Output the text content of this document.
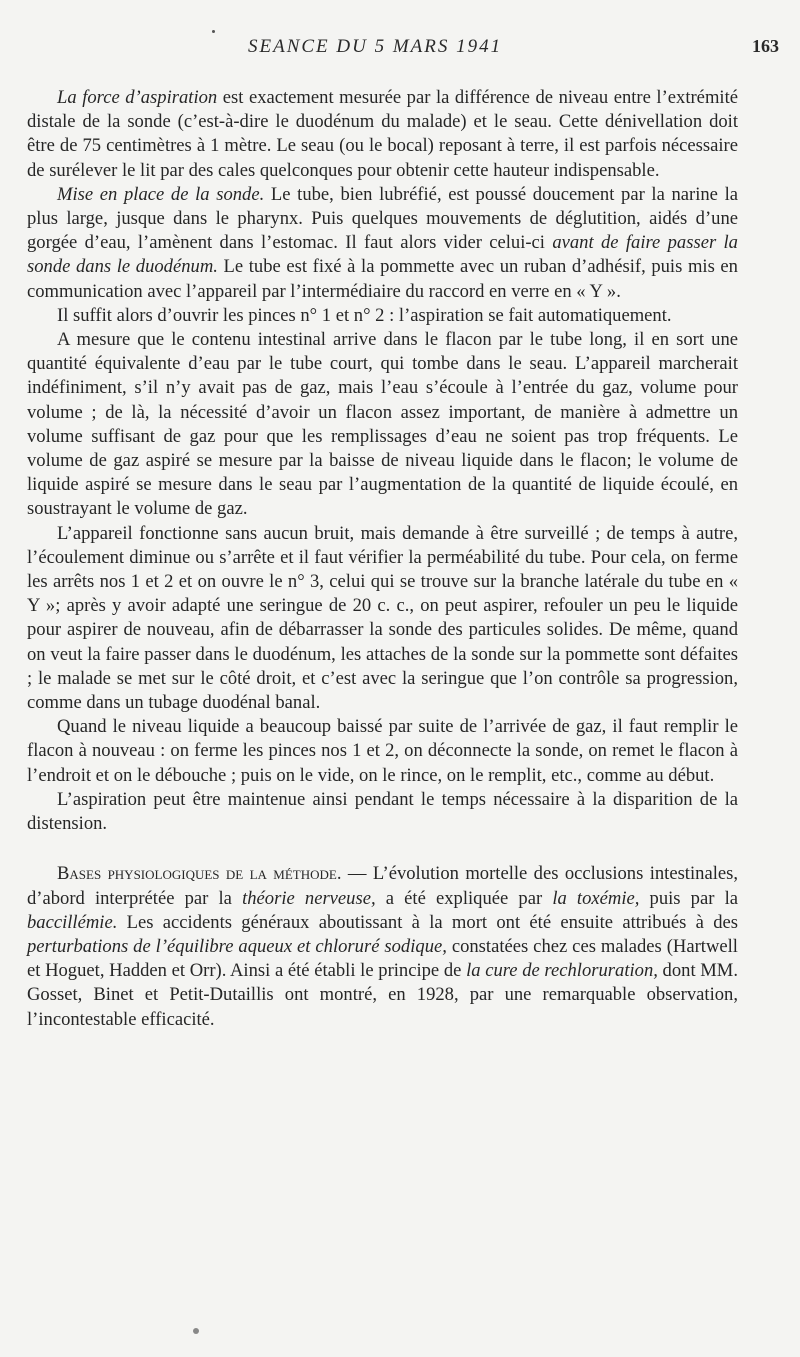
SEANCE DU 5 MARS 1941	163

La force d’aspiration est exactement mesurée par la différence de niveau entre l’extrémité distale de la sonde (c’est-à-dire le duodénum du malade) et le seau. Cette dénivellation doit être de 75 centimètres à 1 mètre. Le seau (ou le bocal) reposant à terre, il est parfois nécessaire de surélever le lit par des cales quelconques pour obtenir cette hauteur indispensable.

Mise en place de la sonde. Le tube, bien lubréfié, est poussé doucement par la narine la plus large, jusque dans le pharynx. Puis quelques mouvements de déglutition, aidés d’une gorgée d’eau, l’amènent dans l’estomac. Il faut alors vider celui-ci avant de faire passer la sonde dans le duodénum. Le tube est fixé à la pommette avec un ruban d’adhésif, puis mis en communication avec l’appareil par l’intermédiaire du raccord en verre en « Y ».

Il suffit alors d’ouvrir les pinces n° 1 et n° 2 : l’aspiration se fait automatiquement.

A mesure que le contenu intestinal arrive dans le flacon par le tube long, il en sort une quantité équivalente d’eau par le tube court, qui tombe dans le seau. L’appareil marcherait indéfiniment, s’il n’y avait pas de gaz, mais l’eau s’écoule à l’entrée du gaz, volume pour volume ; de là, la nécessité d’avoir un flacon assez important, de manière à admettre un volume suffisant de gaz pour que les remplissages d’eau ne soient pas trop fréquents. Le volume de gaz aspiré se mesure par la baisse de niveau liquide dans le flacon; le volume de liquide aspiré se mesure dans le seau par l’augmentation de la quantité de liquide écoulé, en soustrayant le volume de gaz.

L’appareil fonctionne sans aucun bruit, mais demande à être surveillé ; de temps à autre, l’écoulement diminue ou s’arrête et il faut vérifier la perméabilité du tube. Pour cela, on ferme les arrêts nos 1 et 2 et on ouvre le n° 3, celui qui se trouve sur la branche latérale du tube en « Y »; après y avoir adapté une seringue de 20 c. c., on peut aspirer, refouler un peu le liquide pour aspirer de nouveau, afin de débarrasser la sonde des particules solides. De même, quand on veut la faire passer dans le duodénum, les attaches de la sonde sur la pommette sont défaites ; le malade se met sur le côté droit, et c’est avec la seringue que l’on contrôle sa progression, comme dans un tubage duodénal banal.

Quand le niveau liquide a beaucoup baissé par suite de l’arrivée de gaz, il faut remplir le flacon à nouveau : on ferme les pinces nos 1 et 2, on déconnecte la sonde, on remet le flacon à l’endroit et on le débouche ; puis on le vide, on le rince, on le remplit, etc., comme au début.

L’aspiration peut être maintenue ainsi pendant le temps nécessaire à la disparition de la distension.

Bases physiologiques de la méthode. — L’évolution mortelle des occlusions intestinales, d’abord interprétée par la théorie nerveuse, a été expliquée par la toxémie, puis par la baccillémie. Les accidents généraux aboutissant à la mort ont été ensuite attribués à des perturbations de l’équilibre aqueux et chloruré sodique, constatées chez ces malades (Hartwell et Hoguet, Hadden et Orr). Ainsi a été établi le principe de la cure de rechloruration, dont MM. Gosset, Binet et Petit-Dutaillis ont montré, en 1928, par une remarquable observation, l’incontestable efficacité.
